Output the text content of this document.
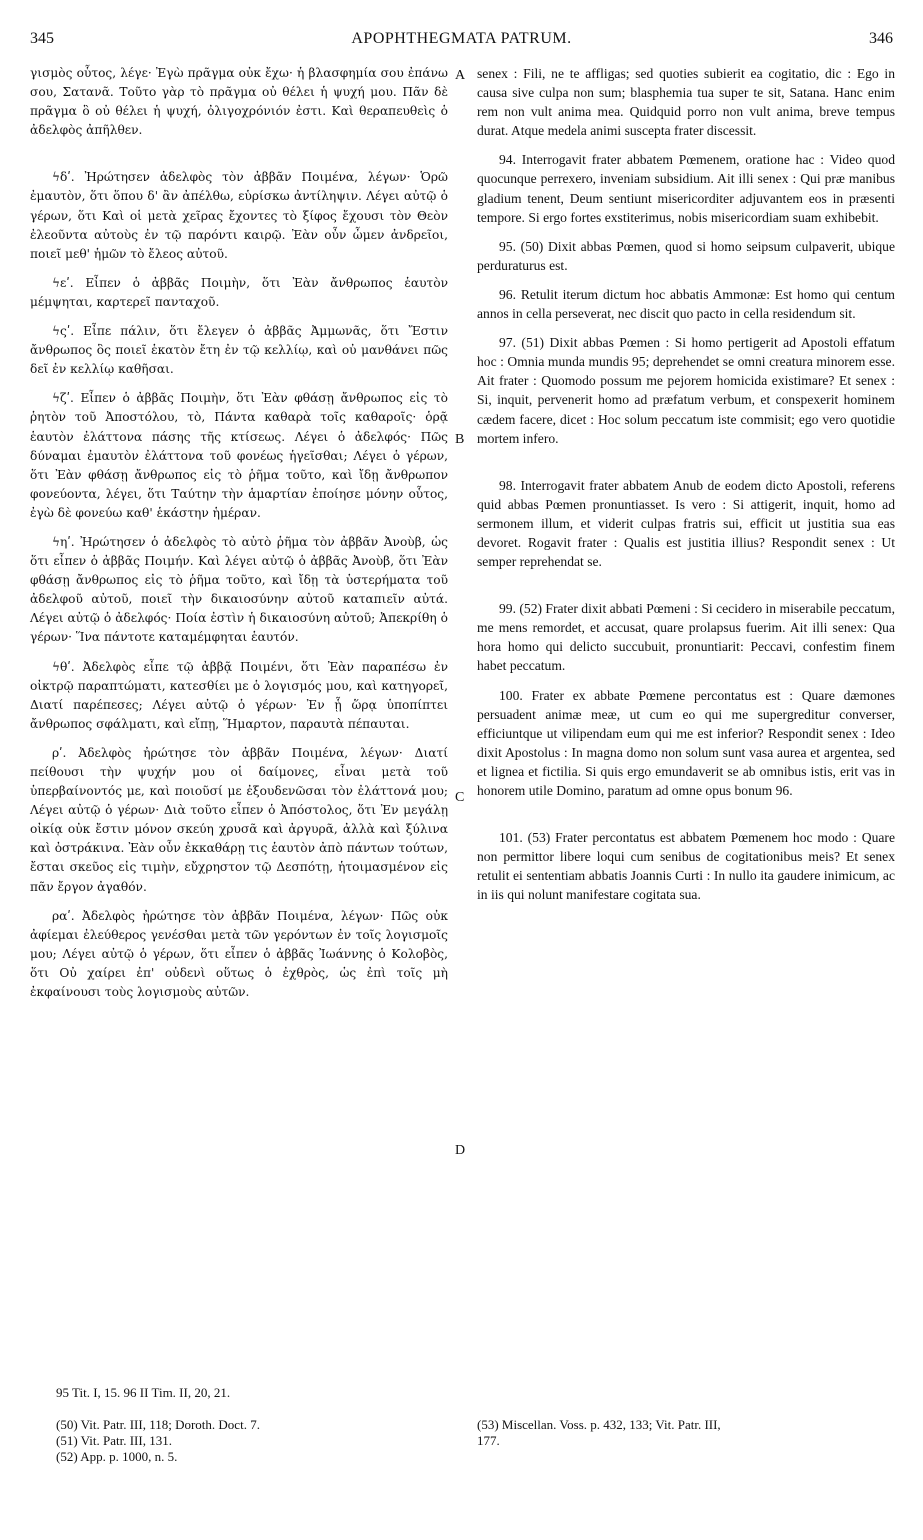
345	APOPHTHEGMATA PATRUM.	346

γισμὸς οὗτος, λέγε· Ἐγὼ πρᾶγμα οὐκ ἔχω· ἡ βλασφημία σου ἐπάνω σου, Σατανᾶ. Τοῦτο γὰρ τὸ πρᾶγμα οὐ θέλει ἡ ψυχή μου. Πᾶν δὲ πρᾶγμα ὃ οὐ θέλει ἡ ψυχή, ὀλιγοχρόνιόν ἐστι. Καὶ θεραπευθεὶς ὁ ἀδελφὸς ἀπῆλθεν.

ϟδʹ. Ἠρώτησεν ἀδελφὸς τὸν ἀββᾶν Ποιμένα, λέγων· Ὁρῶ ἐμαυτὸν, ὅτι ὅπου δ' ἂν ἀπέλθω, εὑρίσκω ἀντίληψιν. Λέγει αὐτῷ ὁ γέρων, ὅτι Καὶ οἱ μετὰ χεῖρας ἔχοντες τὸ ξίφος ἔχουσι τὸν Θεὸν ἐλεοῦντα αὐτοὺς ἐν τῷ παρόντι καιρῷ. Ἐὰν οὖν ὦμεν ἀνδρεῖοι, ποιεῖ μεθ' ἡμῶν τὸ ἔλεος αὐτοῦ.

ϟεʹ. Εἶπεν ὁ ἀββᾶς Ποιμὴν, ὅτι Ἐὰν ἄνθρωπος ἑαυτὸν μέμψηται, καρτερεῖ πανταχοῦ.

ϟςʹ. Εἶπε πάλιν, ὅτι ἔλεγεν ὁ ἀββᾶς Ἀμμωνᾶς, ὅτι Ἔστιν ἄνθρωπος ὃς ποιεῖ ἑκατὸν ἔτη ἐν τῷ κελλίῳ, καὶ οὐ μανθάνει πῶς δεῖ ἐν κελλίῳ καθῆσαι.

ϟζʹ. Εἶπεν ὁ ἀββᾶς Ποιμὴν, ὅτι Ἐὰν φθάσῃ ἄνθρωπος εἰς τὸ ῥητὸν τοῦ Ἀποστόλου, τὸ, Πάντα καθαρὰ τοῖς καθαροῖς· ὁρᾷ ἑαυτὸν ἐλάττονα πάσης τῆς κτίσεως. Λέγει ὁ ἀδελφός· Πῶς δύναμαι ἐμαυτὸν ἐλάττονα τοῦ φονέως ἡγεῖσθαι; Λέγει ὁ γέρων, ὅτι Ἐὰν φθάσῃ ἄνθρωπος εἰς τὸ ῥῆμα τοῦτο, καὶ ἴδῃ ἄνθρωπον φονεύοντα, λέγει, ὅτι Ταύτην τὴν ἁμαρτίαν ἐποίησε μόνην οὗτος, ἐγὼ δὲ φονεύω καθ' ἑκάστην ἡμέραν.

ϟηʹ. Ἠρώτησεν ὁ ἀδελφὸς τὸ αὐτὸ ῥῆμα τὸν ἀββᾶν Ἀνοὺβ, ὡς ὅτι εἶπεν ὁ ἀββᾶς Ποιμήν. Καὶ λέγει αὐτῷ ὁ ἀββᾶς Ἀνοὺβ, ὅτι Ἐὰν φθάσῃ ἄνθρωπος εἰς τὸ ῥῆμα τοῦτο, καὶ ἴδῃ τὰ ὑστερήματα τοῦ ἀδελφοῦ αὐτοῦ, ποιεῖ τὴν δικαιοσύνην αὐτοῦ καταπιεῖν αὐτά. Λέγει αὐτῷ ὁ ἀδελφός· Ποία ἐστὶν ἡ δικαιοσύνη αὐτοῦ; Ἀπεκρίθη ὁ γέρων· Ἵνα πάντοτε καταμέμφηται ἑαυτόν.

ϟθʹ. Ἀδελφὸς εἶπε τῷ ἀββᾷ Ποιμένι, ὅτι Ἐὰν παραπέσω ἐν οἰκτρῷ παραπτώματι, κατεσθίει με ὁ λογισμός μου, καὶ κατηγορεῖ, Διατί παρέπεσες; Λέγει αὐτῷ ὁ γέρων· Ἐν ᾗ ὥρᾳ ὑποπίπτει ἄνθρωπος σφάλματι, καὶ εἴπῃ, Ἥμαρτον, παραυτὰ πέπαυται.

ρʹ. Ἀδελφὸς ἠρώτησε τὸν ἀββᾶν Ποιμένα, λέγων· Διατί πείθουσι τὴν ψυχήν μου οἱ δαίμονες, εἶναι μετὰ τοῦ ὑπερβαίνοντός με, καὶ ποιοῦσί με ἐξουδενῶσαι τὸν ἐλάττονά μου; Λέγει αὐτῷ ὁ γέρων· Διὰ τοῦτο εἶπεν ὁ Ἀπόστολος, ὅτι Ἐν μεγάλῃ οἰκίᾳ οὐκ ἔστιν μόνον σκεύη χρυσᾶ καὶ ἀργυρᾶ, ἀλλὰ καὶ ξύλινα καὶ ὀστράκινα. Ἐὰν οὖν ἐκκαθάρῃ τις ἑαυτὸν ἀπὸ πάντων τούτων, ἔσται σκεῦος εἰς τιμὴν, εὔχρηστον τῷ Δεσπότῃ, ἡτοιμασμένον εἰς πᾶν ἔργον ἀγαθόν.

ραʹ. Ἀδελφὸς ἠρώτησε τὸν ἀββᾶν Ποιμένα, λέγων· Πῶς οὐκ ἀφίεμαι ἐλεύθερος γενέσθαι μετὰ τῶν γερόντων ἐν τοῖς λογισμοῖς μου; Λέγει αὐτῷ ὁ γέρων, ὅτι εἶπεν ὁ ἀββᾶς Ἰωάννης ὁ Κολοβὸς, ὅτι Οὐ χαίρει ἐπ' οὐδενὶ οὕτως ὁ ἐχθρὸς, ὡς ἐπὶ τοῖς μὴ ἐκφαίνουσι τοὺς λογισμοὺς αὐτῶν.

senex : Fili, ne te affligas; sed quoties subierit ea cogitatio, dic : Ego in causa sive culpa non sum; blasphemia tua super te sit, Satana. Hanc enim rem non vult anima mea. Quidquid porro non vult anima, breve tempus durat. Atque medela animi suscepta frater discessit.

94. Interrogavit frater abbatem Pœmenem, oratione hac : Video quod quocunque perrexero, inveniam subsidium. Ait illi senex : Qui præ manibus gladium tenent, Deum sentiunt misericorditer adjuvantem eos in præsenti tempore. Si ergo fortes exstiterimus, nobis misericordiam suam exhibebit.

95. (50) Dixit abbas Pœmen, quod si homo seipsum culpaverit, ubique perduraturus est.

96. Retulit iterum dictum hoc abbatis Ammonæ: Est homo qui centum annos in cella perseverat, nec discit quo pacto in cella residendum sit.

97. (51) Dixit abbas Pœmen : Si homo pertigerit ad Apostoli effatum hoc : Omnia munda mundis 95; deprehendet se omni creatura minorem esse. Ait frater : Quomodo possum me pejorem homicida existimare? Et senex : Si, inquit, pervenerit homo ad præfatum verbum, et conspexerit hominem cædem facere, dicet : Hoc solum peccatum iste commisit; ego vero quotidie mortem infero.

98. Interrogavit frater abbatem Anub de eodem dicto Apostoli, referens quid abbas Pœmen pronuntiasset. Is vero : Si attigerit, inquit, homo ad sermonem illum, et viderit culpas fratris sui, efficit ut justitia sua eas devoret. Rogavit frater : Qualis est justitia illius? Respondit senex : Ut semper reprehendat se.

99. (52) Frater dixit abbati Pœmeni : Si cecidero in miserabile peccatum, me mens remordet, et accusat, quare prolapsus fuerim. Ait illi senex: Qua hora homo qui delicto succubuit, pronuntiarit: Peccavi, confestim finem habet peccatum.

100. Frater ex abbate Pœmene percontatus est : Quare dæmones persuadent animæ meæ, ut cum eo qui me supergreditur converser, efficiuntque ut vilipendam eum qui me est inferior? Respondit senex : Ideo dixit Apostolus : In magna domo non solum sunt vasa aurea et argentea, sed et lignea et fictilia. Si quis ergo emundaverit se ab omnibus istis, erit vas in honorem utile Domino, paratum ad omne opus bonum 96.

101. (53) Frater percontatus est abbatem Pœmenem hoc modo : Quare non permittor libere loqui cum senibus de cogitationibus meis? Et senex retulit ei sententiam abbatis Joannis Curti : In nullo ita gaudere inimicum, ac in iis qui nolunt manifestare cogitata sua.

A
B
C
D
95 Tit. I, 15. 96 II Tim. II, 20, 21.
(50) Vit. Patr. III, 118; Doroth. Doct. 7.
(51) Vit. Patr. III, 131.
(52) App. p. 1000, n. 5.
(53) Miscellan. Voss. p. 432, 133; Vit. Patr. III,
177.
